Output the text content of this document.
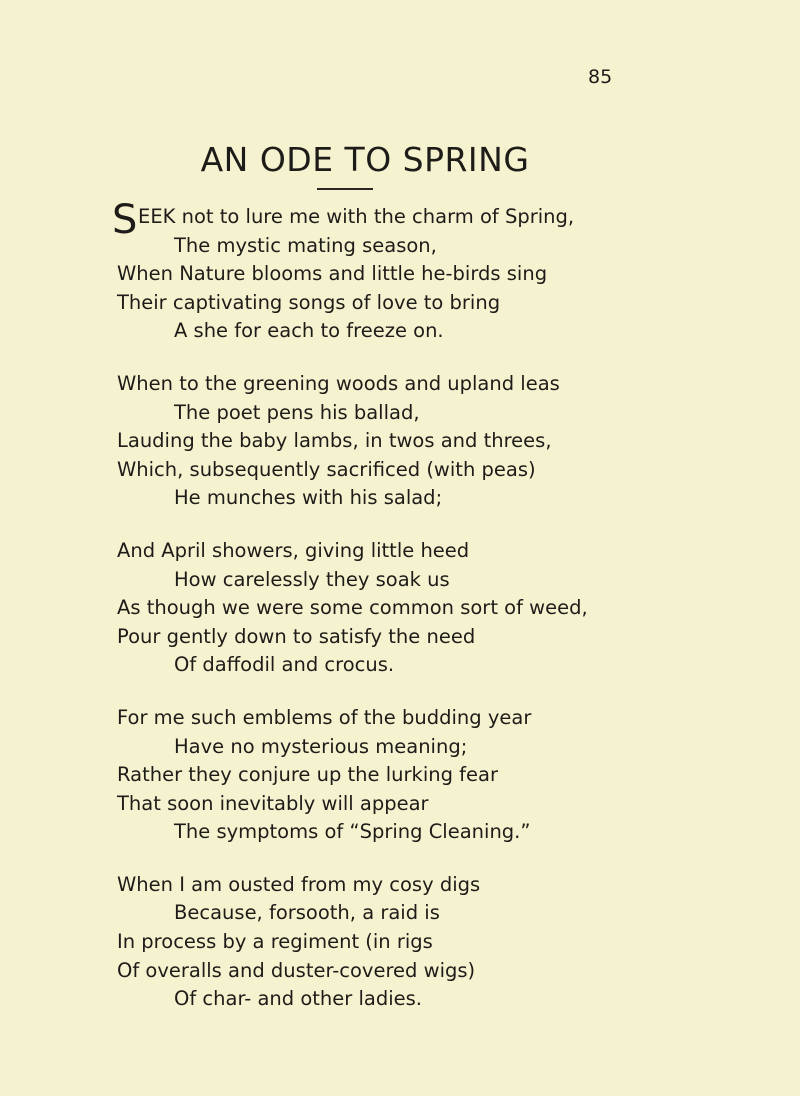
85
AN ODE TO SPRING
S EEK not to lure me with the charm of Spring,
The mystic mating season,
When Nature blooms and little he-birds sing
Their captivating songs of love to bring
A she for each to freeze on.
When to the greening woods and upland leas
The poet pens his ballad,
Lauding the baby lambs, in twos and threes,
Which, subsequently sacrificed (with peas)
He munches with his salad;
And April showers, giving little heed
How carelessly they soak us
As though we were some common sort of weed,
Pour gently down to satisfy the need
Of daffodil and crocus.
For me such emblems of the budding year
Have no mysterious meaning;
Rather they conjure up the lurking fear
That soon inevitably will appear
The symptoms of “Spring Cleaning.”
When I am ousted from my cosy digs
Because, forsooth, a raid is
In process by a regiment (in rigs
Of overalls and duster-covered wigs)
Of char- and other ladies.
